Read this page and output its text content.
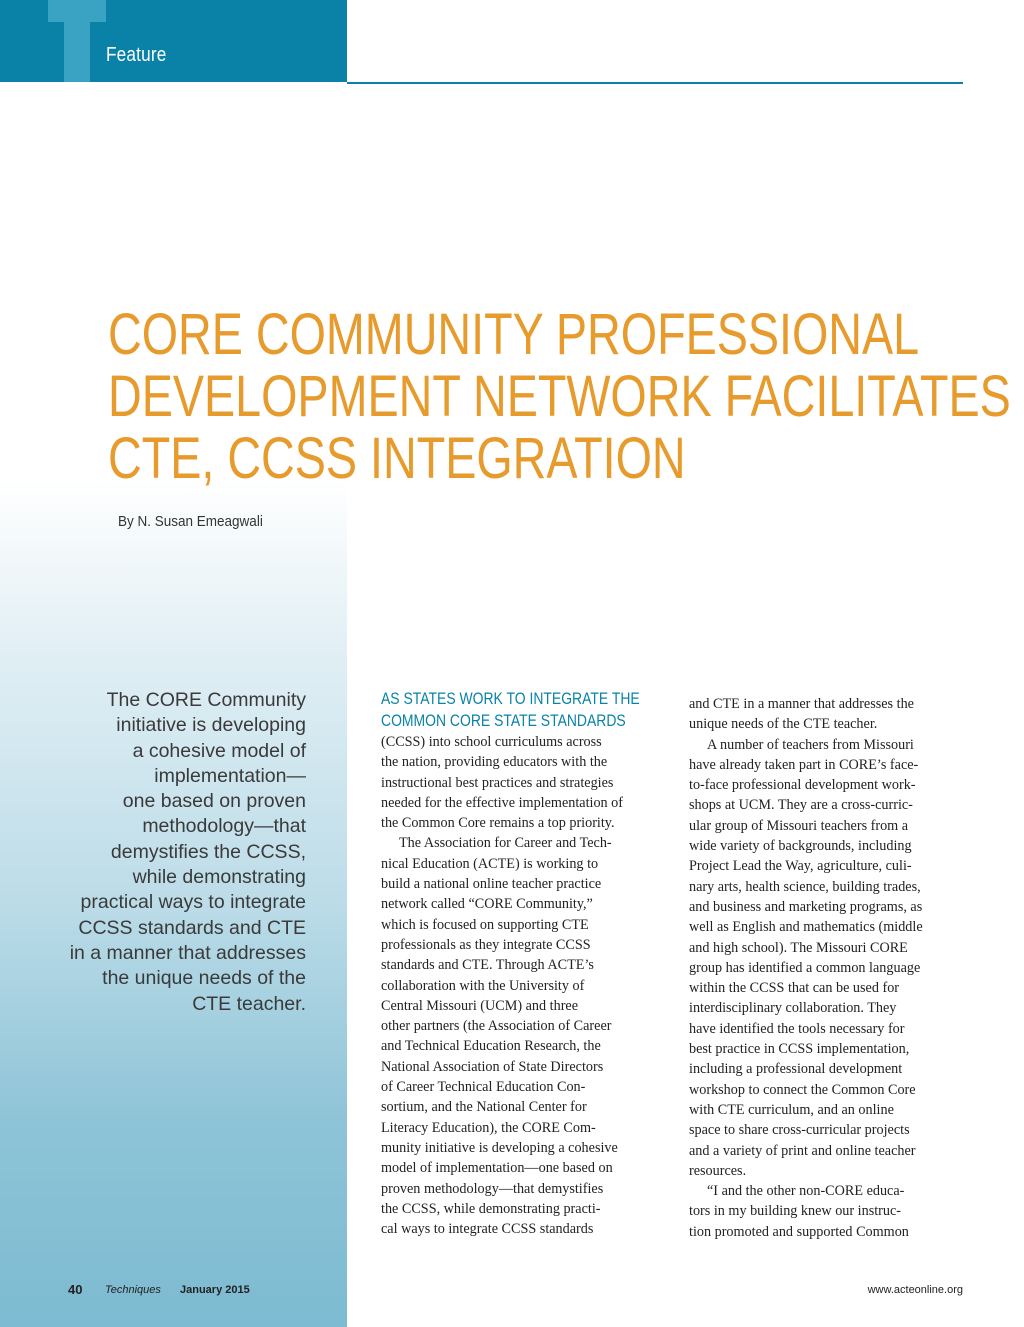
Feature
CORE COMMUNITY PROFESSIONAL
DEVELOPMENT NETWORK FACILITATES
CTE, CCSS INTEGRATION
By N. Susan Emeagwali
The CORE Community
initiative is developing
a cohesive model of
implementation—
one based on proven
methodology—that
demystifies the CCSS,
while demonstrating
practical ways to integrate
CCSS standards and CTE
in a manner that addresses
the unique needs of the
CTE teacher.
AS STATES WORK TO INTEGRATE THE
COMMON CORE STATE STANDARDS
(CCSS) into school curriculums across
the nation, providing educators with the
instructional best practices and strategies
needed for the effective implementation of
the Common Core remains a top priority.
The Association for Career and Tech-
nical Education (ACTE) is working to
build a national online teacher practice
network called “CORE Community,”
which is focused on supporting CTE
professionals as they integrate CCSS
standards and CTE. Through ACTE’s
collaboration with the University of
Central Missouri (UCM) and three
other partners (the Association of Career
and Technical Education Research, the
National Association of State Directors
of Career Technical Education Con-
sortium, and the National Center for
Literacy Education), the CORE Com-
munity initiative is developing a cohesive
model of implementation—one based on
proven methodology—that demystifies
the CCSS, while demonstrating practi-
cal ways to integrate CCSS standards
and CTE in a manner that addresses the
unique needs of the CTE teacher.
A number of teachers from Missouri
have already taken part in CORE’s face-
to-face professional development work-
shops at UCM. They are a cross-curric-
ular group of Missouri teachers from a
wide variety of backgrounds, including
Project Lead the Way, agriculture, culi-
nary arts, health science, building trades,
and business and marketing programs, as
well as English and mathematics (middle
and high school). The Missouri CORE
group has identified a common language
within the CCSS that can be used for
interdisciplinary collaboration. They
have identified the tools necessary for
best practice in CCSS implementation,
including a professional development
workshop to connect the Common Core
with CTE curriculum, and an online
space to share cross-curricular projects
and a variety of print and online teacher
resources.
“I and the other non-CORE educa-
tors in my building knew our instruc-
tion promoted and supported Common
40 Techniques January 2015	www.acteonline.org
